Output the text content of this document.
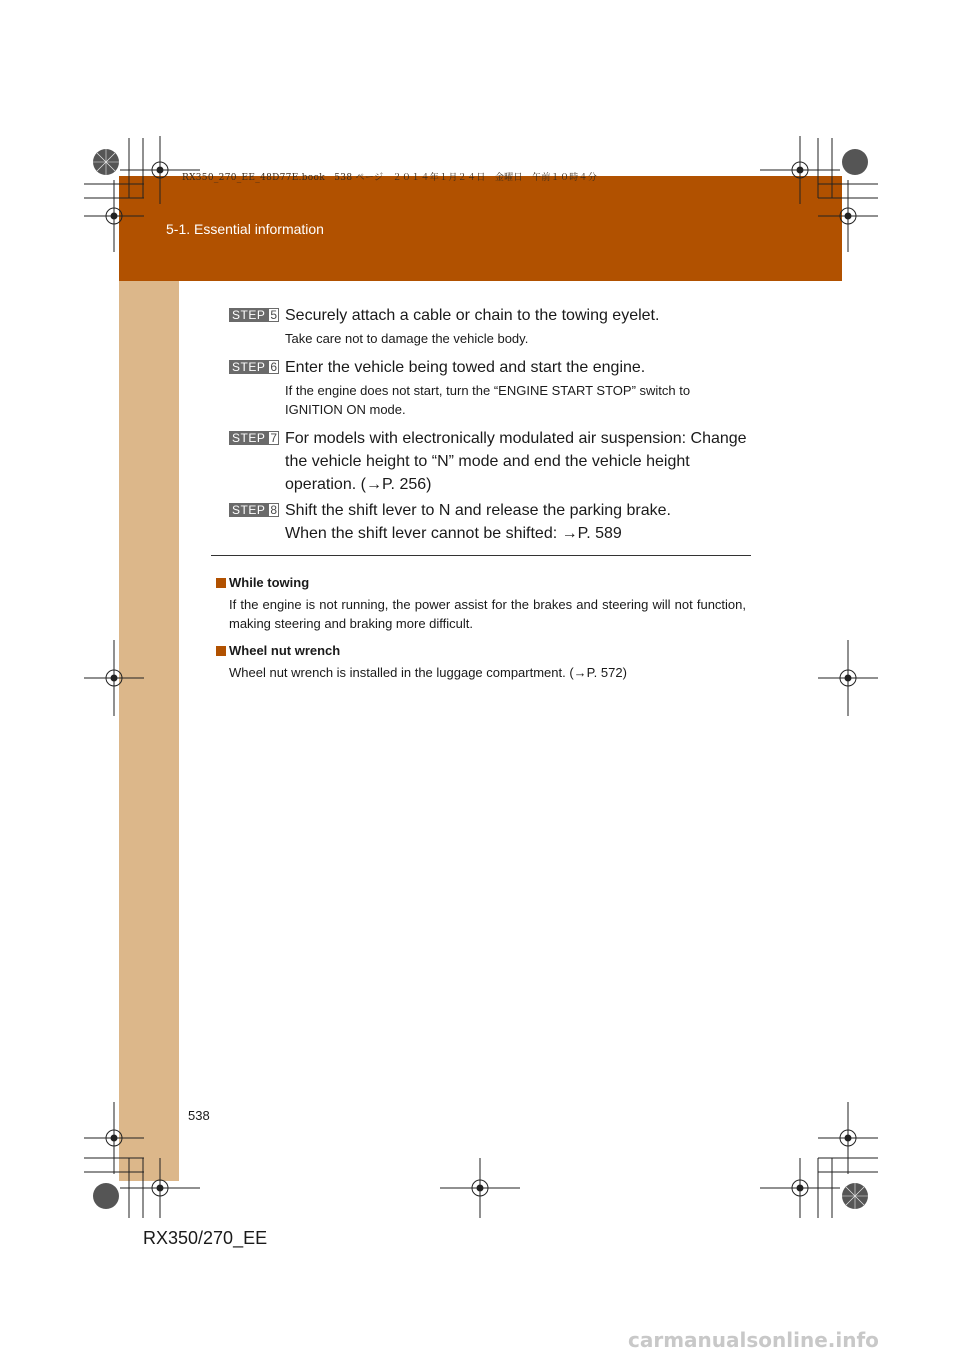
RX350_270_EE_48D77E.book　538 ページ　２０１４年１月２４日　金曜日　午前１０時４分
5-1. Essential information
STEP 5 Securely attach a cable or chain to the towing eyelet.
Take care not to damage the vehicle body.
STEP 6 Enter the vehicle being towed and start the engine.
If the engine does not start, turn the “ENGINE START STOP” switch to IGNITION ON mode.
STEP 7 For models with electronically modulated air suspension: Change the vehicle height to “N” mode and end the vehicle height operation. (→P. 256)
STEP 8 Shift the shift lever to N and release the parking brake.
When the shift lever cannot be shifted: →P. 589
While towing
If the engine is not running, the power assist for the brakes and steering will not function, making steering and braking more difficult.
Wheel nut wrench
Wheel nut wrench is installed in the luggage compartment. (→P. 572)
538
RX350/270_EE
carmanualsonline.info
